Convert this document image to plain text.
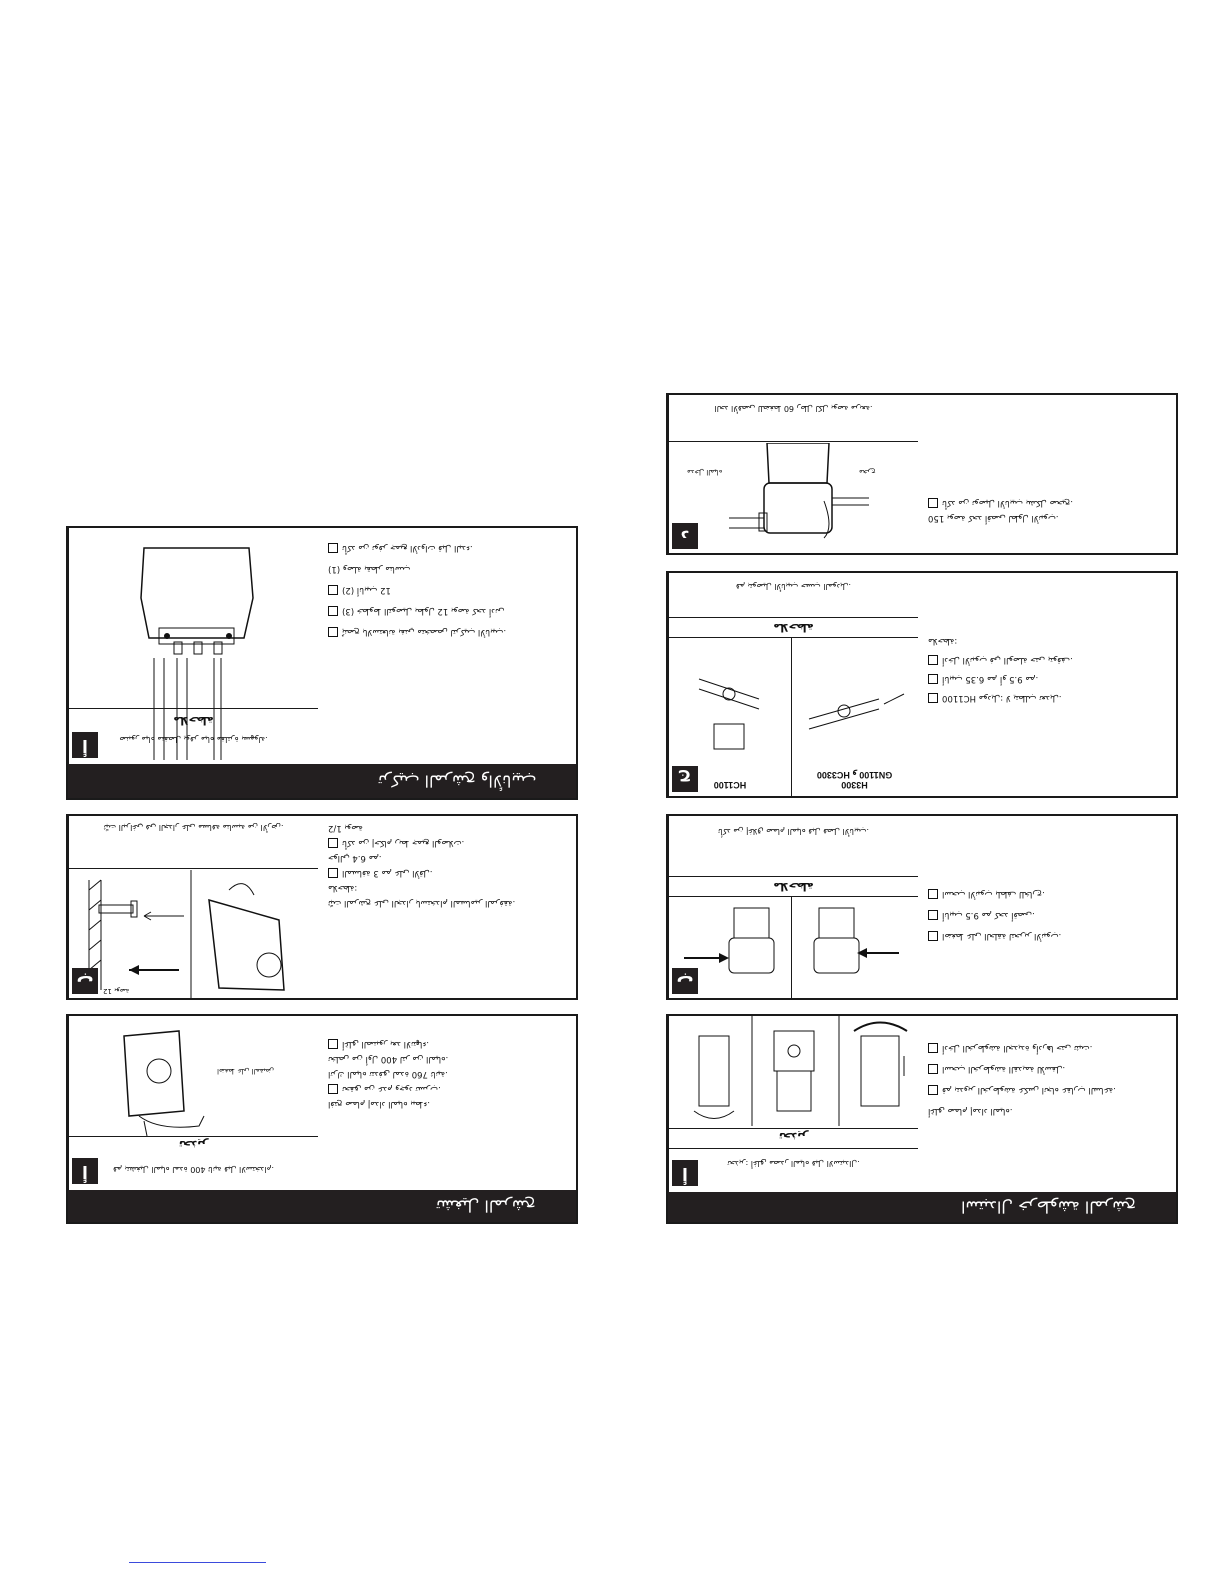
تأكد من توفر جميع الأدوات قبل البدء.
(1) وصلة بقطر مناسب
(2) أنابيب 12
(3) خطوط التوصيل بطول 12 بوصة كحد أدنى
يُنصح بالاستعانة بفني متخصص لتركيب الأنابيب.
ملاحظة
صنبور مياه منفصل يوفر مياه مفلترة بسهولة.
تركيب المرشح والأنابيب
أ
1/2 بوصة
تأكد من إحكام ربط جميع الوصلات.
حوالي 6.4 مم.
المسافة 3 مم على الأقل.
ملاحظة:
ثبّت المرشح على الجدار باستخدام المسامير المرفقة.
ثبّت البراغي في الجدار على مسافة مناسبة من الأرض.
12 بوصة
ب
أغلق الصنبور بعد الانتهاء.
تخلص من أول 400 لتر من المياه.
اترك المياه تتدفق لمدة 760 ثانية.
تحقق من عدم وجود تسرب.
افتح صمام إمداد المياه ببطء.
اضغط على المقبض
تحذير
قم بتشغيل المياه لمدة 400 ثانية قبل الاستخدام.
تشغيل المرشح
أ
تأكد من توصيل الأنابيب بشكل صحيح.
150 بوصة كحد أقصى لطول الأنبوب.
الحد الأقصى للضغط 60 رطل لكل بوصة مربعة.
مدخل المياه	مخرج
د
ملاحظة:
أدخل الأنبوب في الوصلة حتى يتوقف.
أنابيب 6.35 مم أو 9.5 مم.
HC1100 موديل: لا يتطلب تعديل.
قم بتوصيل الأنابيب حسب الموديل.
ملاحظة
HC1100
GN1100 و HC3300
H3300
ج
اسحب الأنبوب بلطف للخارج.
أنابيب 9.5 مم كحد أقصى.
اضغط على الحلقة لتحرير الأنبوب.
تأكد من إغلاق صمام المياه قبل فصل الأنابيب.
ملاحظة
ب
أدخل الخرطوشة الجديدة وأدرها حتى تثبت.
اسحب الخرطوشة القديمة للأسفل.
قم بتدوير الخرطوشة عكس اتجاه عقارب الساعة.
أغلق صمام إمداد المياه.
تحذير
تحذير: أغلق مصدر المياه قبل الاستبدال.
استبدال خرطوشة المرشح
أ
